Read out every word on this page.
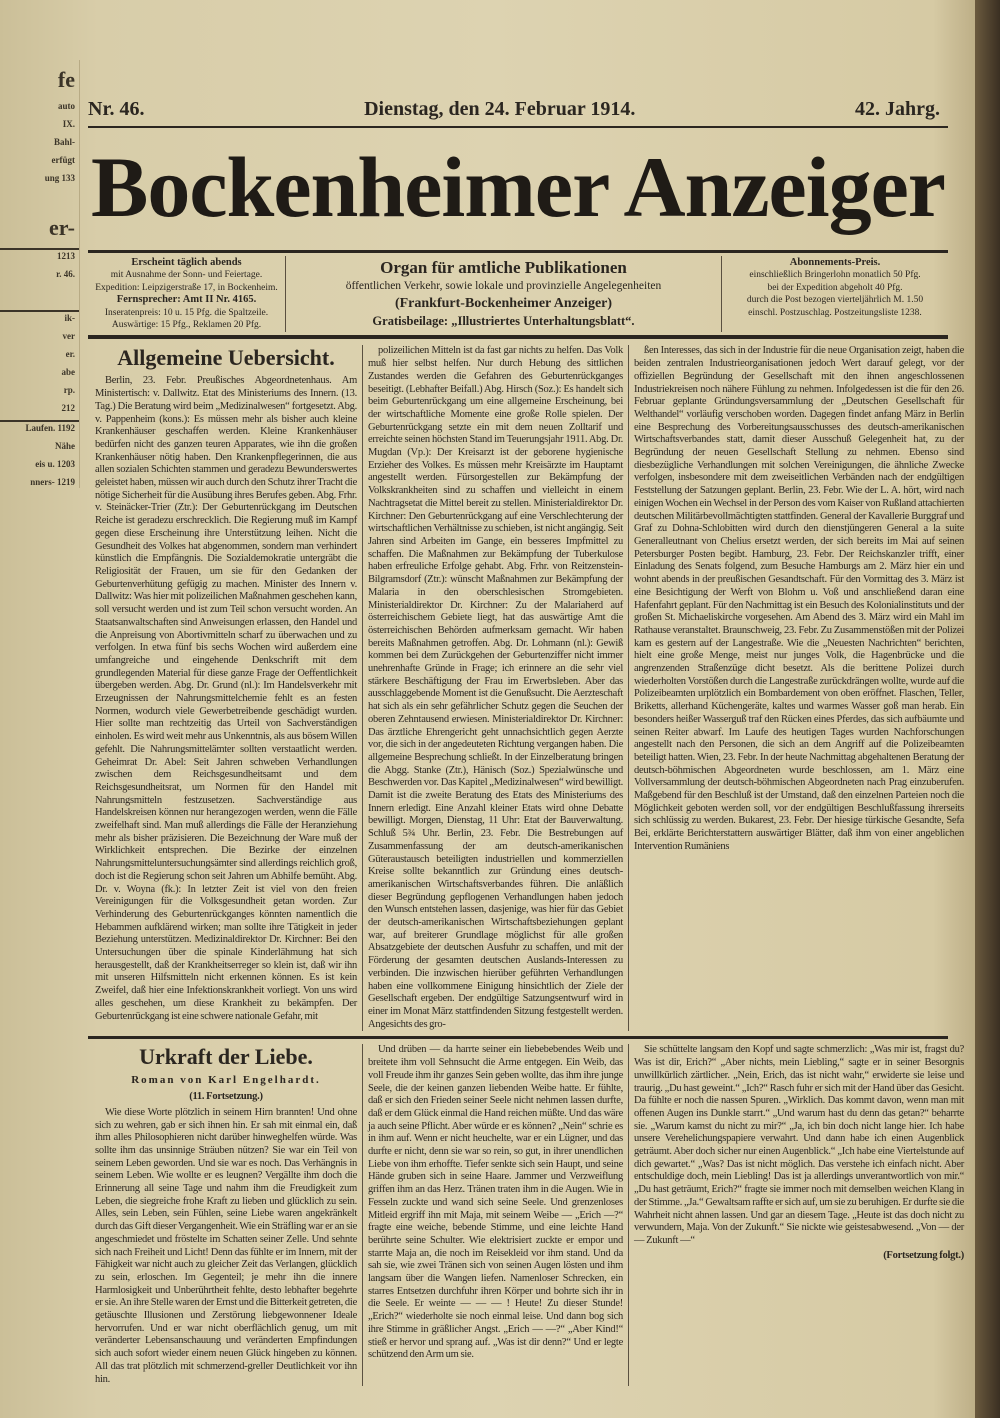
fe
auto
IX.
Bahl-
erfügt
ung 133
er-
1213
r. 46.
ik-
ver
er.
abe
rp.
212
Laufen. 1192
Nähe
eis u. 1203
nners- 1219
Nr. 46.	Dienstag, den 24. Februar 1914.	42. Jahrg.
Bockenheimer Anzeiger
Erscheint täglich abends
mit Ausnahme der Sonn- und Feiertage.
Expedition: Leipzigerstraße 17, in Bockenheim.
Fernsprecher: Amt II Nr. 4165.
Inseratenpreis: 10 u. 15 Pfg. die Spaltzeile.
Auswärtige: 15 Pfg., Reklamen 20 Pfg.
Organ für amtliche Publikationen
öffentlichen Verkehr, sowie lokale und provinzielle Angelegenheiten
(Frankfurt-Bockenheimer Anzeiger)
Gratisbeilage: „Illustriertes Unterhaltungsblatt“.
Abonnements-Preis.
einschließlich Bringerlohn monatlich 50 Pfg.
bei der Expedition abgeholt 40 Pfg.
durch die Post bezogen vierteljährlich M. 1.50
einschl. Postzuschlag. Postzeitungsliste 1238.
Allgemeine Uebersicht.

Berlin, 23. Febr. Preußisches Abgeordnetenhaus. Am Ministertisch: v. Dallwitz. Etat des Ministeriums des Innern. (13. Tag.) Die Beratung wird beim „Medizinalwesen“ fortgesetzt. Abg. v. Pappenheim (kons.): Es müssen mehr als bisher auch kleine Krankenhäuser geschaffen werden. Kleine Krankenhäuser bedürfen nicht des ganzen teuren Apparates, wie ihn die großen Krankenhäuser nötig haben. Den Krankenpflegerinnen, die aus allen sozialen Schichten stammen und geradezu Bewunderswertes geleistet haben, müssen wir auch durch den Schutz ihrer Tracht die nötige Sicherheit für die Ausübung ihres Berufes geben. Abg. Frhr. v. Steinäcker-Trier (Ztr.): Der Geburtenrückgang im Deutschen Reiche ist geradezu erschrecklich. Die Regierung muß im Kampf gegen diese Erscheinung ihre Unterstützung leihen. Nicht die Gesundheit des Volkes hat abgenommen, sondern man verhindert künstlich die Empfängnis. Die Sozialdemokratie untergräbt die Religiosität der Frauen, um sie für den Gedanken der Geburtenverhütung gefügig zu machen. Minister des Innern v. Dallwitz: Was hier mit polizeilichen Maßnahmen geschehen kann, soll versucht werden und ist zum Teil schon versucht worden. An Staatsanwaltschaften sind Anweisungen erlassen, den Handel und die Anpreisung von Abortivmitteln scharf zu überwachen und zu verfolgen. In etwa fünf bis sechs Wochen wird außerdem eine umfangreiche und eingehende Denkschrift mit dem grundlegenden Material für diese ganze Frage der Oeffentlichkeit übergeben werden. Abg. Dr. Grund (nl.): Im Handelsverkehr mit Erzeugnissen der Nahrungsmittelchemie fehlt es an festen Normen, wodurch viele Gewerbetreibende geschädigt wurden. Hier sollte man rechtzeitig das Urteil von Sachverständigen einholen. Es wird weit mehr aus Unkenntnis, als aus bösem Willen gefehlt. Die Nahrungsmittelämter sollten verstaatlicht werden. Geheimrat Dr. Abel: Seit Jahren schweben Verhandlungen zwischen dem Reichsgesundheitsamt und dem Reichsgesundheitsrat, um Normen für den Handel mit Nahrungsmitteln festzusetzen. Sachverständige aus Handelskreisen können nur herangezogen werden, wenn die Fälle zweifelhaft sind. Man muß allerdings die Fälle der Heranziehung mehr als bisher präzisieren. Die Bezeichnung der Ware muß der Wirklichkeit entsprechen. Die Bezirke der einzelnen Nahrungsmitteluntersuchungsämter sind allerdings reichlich groß, doch ist die Regierung schon seit Jahren um Abhilfe bemüht. Abg. Dr. v. Woyna (fk.): In letzter Zeit ist viel von den freien Vereinigungen für die Volksgesundheit getan worden. Zur Verhinderung des Geburtenrückganges könnten namentlich die Hebammen aufklärend wirken; man sollte ihre Tätigkeit in jeder Beziehung unterstützen. Medizinaldirektor Dr. Kirchner: Bei den Untersuchungen über die spinale Kinderlähmung hat sich herausgestellt, daß der Krankheitserreger so klein ist, daß wir ihn mit unseren Hilfsmitteln nicht erkennen können. Es ist kein Zweifel, daß hier eine Infektionskrankheit vorliegt. Von uns wird alles geschehen, um diese Krankheit zu bekämpfen. Der Geburtenrückgang ist eine schwere nationale Gefahr, mit

polizeilichen Mitteln ist da fast gar nichts zu helfen. Das Volk muß hier selbst helfen. Nur durch Hebung des sittlichen Zustandes werden die Gefahren des Geburtenrückganges beseitigt. (Lebhafter Beifall.) Abg. Hirsch (Soz.): Es handelt sich beim Geburtenrückgang um eine allgemeine Erscheinung, bei der wirtschaftliche Momente eine große Rolle spielen. Der Geburtenrückgang setzte ein mit dem neuen Zolltarif und erreichte seinen höchsten Stand im Teuerungsjahr 1911. Abg. Dr. Mugdan (Vp.): Der Kreisarzt ist der geborene hygienische Erzieher des Volkes. Es müssen mehr Kreisärzte im Hauptamt angestellt werden. Fürsorgestellen zur Bekämpfung der Volkskrankheiten sind zu schaffen und vielleicht in einem Nachtragsetat die Mittel bereit zu stellen. Ministerialdirektor Dr. Kirchner: Den Geburtenrückgang auf eine Verschlechterung der wirtschaftlichen Verhältnisse zu schieben, ist nicht angängig. Seit Jahren sind Arbeiten im Gange, ein besseres Impfmittel zu schaffen. Die Maßnahmen zur Bekämpfung der Tuberkulose haben erfreuliche Erfolge gehabt. Abg. Frhr. von Reitzenstein-Bilgramsdorf (Ztr.): wünscht Maßnahmen zur Bekämpfung der Malaria in den oberschlesischen Stromgebieten. Ministerialdirektor Dr. Kirchner: Zu der Malariaherd auf österreichischem Gebiete liegt, hat das auswärtige Amt die österreichischen Behörden aufmerksam gemacht. Wir haben bereits Maßnahmen getroffen. Abg. Dr. Lohmann (nl.): Gewiß kommen bei dem Zurückgehen der Geburtenziffer nicht immer unehrenhafte Gründe in Frage; ich erinnere an die sehr viel stärkere Beschäftigung der Frau im Erwerbsleben. Aber das ausschlaggebende Moment ist die Genußsucht. Die Aerzteschaft hat sich als ein sehr gefährlicher Schutz gegen die Seuchen der oberen Zehntausend erwiesen. Ministerialdirektor Dr. Kirchner: Das ärztliche Ehrengericht geht unnachsichtlich gegen Aerzte vor, die sich in der angedeuteten Richtung vergangen haben. Die allgemeine Besprechung schließt. In der Einzelberatung bringen die Abgg. Stanke (Ztr.), Hänisch (Soz.) Spezialwünsche und Beschwerden vor. Das Kapitel „Medizinalwesen“ wird bewilligt. Damit ist die zweite Beratung des Etats des Ministeriums des Innern erledigt. Eine Anzahl kleiner Etats wird ohne Debatte bewilligt. Morgen, Dienstag, 11 Uhr: Etat der Bauverwaltung. Schluß 5¾ Uhr. Berlin, 23. Febr. Die Bestrebungen auf Zusammenfassung der am deutsch-amerikanischen Güteraustausch beteiligten industriellen und kommerziellen Kreise sollte bekanntlich zur Gründung eines deutsch-amerikanischen Wirtschaftsverbandes führen. Die anläßlich dieser Begründung gepflogenen Verhandlungen haben jedoch den Wunsch entstehen lassen, dasjenige, was hier für das Gebiet der deutsch-amerikanischen Wirtschaftsbeziehungen geplant war, auf breiterer Grundlage möglichst für alle großen Absatzgebiete der deutschen Ausfuhr zu schaffen, und mit der Förderung der gesamten deutschen Auslands-Interessen zu verbinden. Die inzwischen hierüber geführten Verhandlungen haben eine vollkommene Einigung hinsichtlich der Ziele der Gesellschaft ergeben. Der endgültige Satzungsentwurf wird in einer im Monat März stattfindenden Sitzung festgestellt werden. Angesichts des gro-

ßen Interesses, das sich in der Industrie für die neue Organisation zeigt, haben die beiden zentralen Industrieorganisationen jedoch Wert darauf gelegt, vor der offiziellen Begründung der Gesellschaft mit den ihnen angeschlossenen Industriekreisen noch nähere Fühlung zu nehmen. Infolgedessen ist die für den 26. Februar geplante Gründungsversammlung der „Deutschen Gesellschaft für Welthandel“ vorläufig verschoben worden. Dagegen findet anfang März in Berlin eine Besprechung des Vorbereitungsausschusses des deutsch-amerikanischen Wirtschaftsverbandes statt, damit dieser Ausschuß Gelegenheit hat, zu der Begründung der neuen Gesellschaft Stellung zu nehmen. Ebenso sind diesbezügliche Verhandlungen mit solchen Vereinigungen, die ähnliche Zwecke verfolgen, insbesondere mit dem zweiseitlichen Verbänden nach der endgültigen Feststellung der Satzungen geplant. Berlin, 23. Febr. Wie der L. A. hört, wird nach einigen Wochen ein Wechsel in der Person des vom Kaiser von Rußland attachierten deutschen Militärbevollmächtigten stattfinden. General der Kavallerie Burggraf und Graf zu Dohna-Schlobitten wird durch den dienstjüngeren General a la suite Generalleutnant von Chelius ersetzt werden, der sich bereits im Mai auf seinen Petersburger Posten begibt. Hamburg, 23. Febr. Der Reichskanzler trifft, einer Einladung des Senats folgend, zum Besuche Hamburgs am 2. März hier ein und wohnt abends in der preußischen Gesandtschaft. Für den Vormittag des 3. März ist eine Besichtigung der Werft von Blohm u. Voß und anschließend daran eine Hafenfahrt geplant. Für den Nachmittag ist ein Besuch des Kolonialinstituts und der großen St. Michaeliskirche vorgesehen. Am Abend des 3. März wird ein Mahl im Rathause veranstaltet. Braunschweig, 23. Febr. Zu Zusammenstößen mit der Polizei kam es gestern auf der Langestraße. Wie die „Neuesten Nachrichten“ berichten, hielt eine große Menge, meist nur junges Volk, die Hagenbrücke und die angrenzenden Straßenzüge dicht besetzt. Als die berittene Polizei durch wiederholten Vorstößen durch die Langestraße zurückdrängen wollte, wurde auf die Polizeibeamten urplötzlich ein Bombardement von oben eröffnet. Flaschen, Teller, Briketts, allerhand Küchengeräte, kaltes und warmes Wasser goß man herab. Ein besonders heißer Wasserguß traf den Rücken eines Pferdes, das sich aufbäumte und seinen Reiter abwarf. Im Laufe des heutigen Tages wurden Nachforschungen angestellt nach den Personen, die sich an dem Angriff auf die Polizeibeamten beteiligt hatten. Wien, 23. Febr. In der heute Nachmittag abgehaltenen Beratung der deutsch-böhmischen Abgeordneten wurde beschlossen, am 1. März eine Vollversammlung der deutsch-böhmischen Abgeordneten nach Prag einzuberufen. Maßgebend für den Beschluß ist der Umstand, daß den einzelnen Parteien noch die Möglichkeit geboten werden soll, vor der endgültigen Beschlußfassung ihrerseits sich schlüssig zu werden. Bukarest, 23. Febr. Der hiesige türkische Gesandte, Sefa Bei, erklärte Berichterstattern auswärtiger Blätter, daß ihm von einer angeblichen Intervention Rumäniens

Urkraft der Liebe.
Roman von Karl Engelhardt.
(11. Fortsetzung.)

Wie diese Worte plötzlich in seinem Hirn brannten! Und ohne sich zu wehren, gab er sich ihnen hin. Er sah mit einmal ein, daß ihm alles Philosophieren nicht darüber hinweghelfen würde. Was sollte ihm das unsinnige Sträuben nützen? Sie war ein Teil von seinem Leben geworden. Und sie war es noch. Das Verhängnis in seinem Leben. Wie wollte er es leugnen? Vergällte ihm doch die Erinnerung all seine Tage und nahm ihm die Freudigkeit zum Leben, die siegreiche frohe Kraft zu lieben und glücklich zu sein. Alles, sein Leben, sein Fühlen, seine Liebe waren angekränkelt durch das Gift dieser Vergangenheit. Wie ein Sträfling war er an sie angeschmiedet und fröstelte im Schatten seiner Zelle. Und sehnte sich nach Freiheit und Licht! Denn das fühlte er im Innern, mit der Fähigkeit war nicht auch zu gleicher Zeit das Verlangen, glücklich zu sein, erloschen. Im Gegenteil; je mehr ihn die innere Harmlosigkeit und Unberührtheit fehlte, desto lebhafter begehrte er sie. An ihre Stelle waren der Ernst und die Bitterkeit getreten, die getäuschte Illusionen und Zerstörung liebgewonnener Ideale hervorrufen. Und er war nicht oberflächlich genug, um mit veränderter Lebensanschauung und veränderten Empfindungen sich auch sofort wieder einem neuen Glück hingeben zu können. All das trat plötzlich mit schmerzend-greller Deutlichkeit vor ihn hin.

Und drüben — da harrte seiner ein liebebebendes Weib und breitete ihm voll Sehnsucht die Arme entgegen. Ein Weib, das voll Freude ihm ihr ganzes Sein geben wollte, das ihm ihre junge Seele, die der keinen ganzen liebenden Weibe hatte. Er fühlte, daß er sich den Frieden seiner Seele nicht nehmen lassen durfte, daß er dem Glück einmal die Hand reichen müßte. Und das wäre ja auch seine Pflicht. Aber würde er es können? „Nein“ schrie es in ihm auf. Wenn er nicht heuchelte, war er ein Lügner, und das durfte er nicht, denn sie war so rein, so gut, in ihrer unendlichen Liebe von ihm erhoffte. Tiefer senkte sich sein Haupt, und seine Hände gruben sich in seine Haare. Jammer und Verzweiflung griffen ihm an das Herz. Tränen traten ihm in die Augen. Wie in Fesseln zuckte und wand sich seine Seele. Und grenzenloses Mitleid ergriff ihn mit Maja, mit seinem Weibe — „Erich —?“ fragte eine weiche, bebende Stimme, und eine leichte Hand berührte seine Schulter. Wie elektrisiert zuckte er empor und starrte Maja an, die noch im Reisekleid vor ihm stand. Und da sah sie, wie zwei Tränen sich von seinen Augen lösten und ihm langsam über die Wangen liefen. Namenloser Schrecken, ein starres Entsetzen durchfuhr ihren Körper und bohrte sich ihr in die Seele. Er weinte — — — ! Heute! Zu dieser Stunde! „Erich?“ wiederholte sie noch einmal leise. Und dann bog sich ihre Stimme in gräßlicher Angst. „Erich — —?“ „Aber Kind!“ stieß er hervor und sprang auf. „Was ist dir denn?“ Und er legte schützend den Arm um sie.

Sie schüttelte langsam den Kopf und sagte schmerzlich: „Was mir ist, fragst du? Was ist dir, Erich?“ „Aber nichts, mein Liebling,“ sagte er in seiner Besorgnis unwillkürlich zärtlicher. „Nein, Erich, das ist nicht wahr,“ erwiderte sie leise und traurig. „Du hast geweint.“ „Ich?“ Rasch fuhr er sich mit der Hand über das Gesicht. Da fühlte er noch die nassen Spuren. „Wirklich. Das kommt davon, wenn man mit offenen Augen ins Dunkle starrt.“ „Und warum hast du denn das getan?“ beharrte sie. „Warum kamst du nicht zu mir?“ „Ja, ich bin doch nicht lange hier. Ich habe unsere Verehelichungspapiere verwahrt. Und dann habe ich einen Augenblick geträumt. Aber doch sicher nur einen Augenblick.“ „Ich habe eine Viertelstunde auf dich gewartet.“ „Was? Das ist nicht möglich. Das verstehe ich einfach nicht. Aber entschuldige doch, mein Liebling! Das ist ja allerdings unverantwortlich von mir.“ „Du hast geträumt, Erich?“ fragte sie immer noch mit demselben weichen Klang in der Stimme. „Ja.“ Gewaltsam raffte er sich auf, um sie zu beruhigen. Er durfte sie die Wahrheit nicht ahnen lassen. Und gar an diesem Tage. „Heute ist das doch nicht zu verwundern, Maja. Von der Zukunft.“ Sie nickte wie geistesabwesend. „Von — der — Zukunft —“

(Fortsetzung folgt.)
